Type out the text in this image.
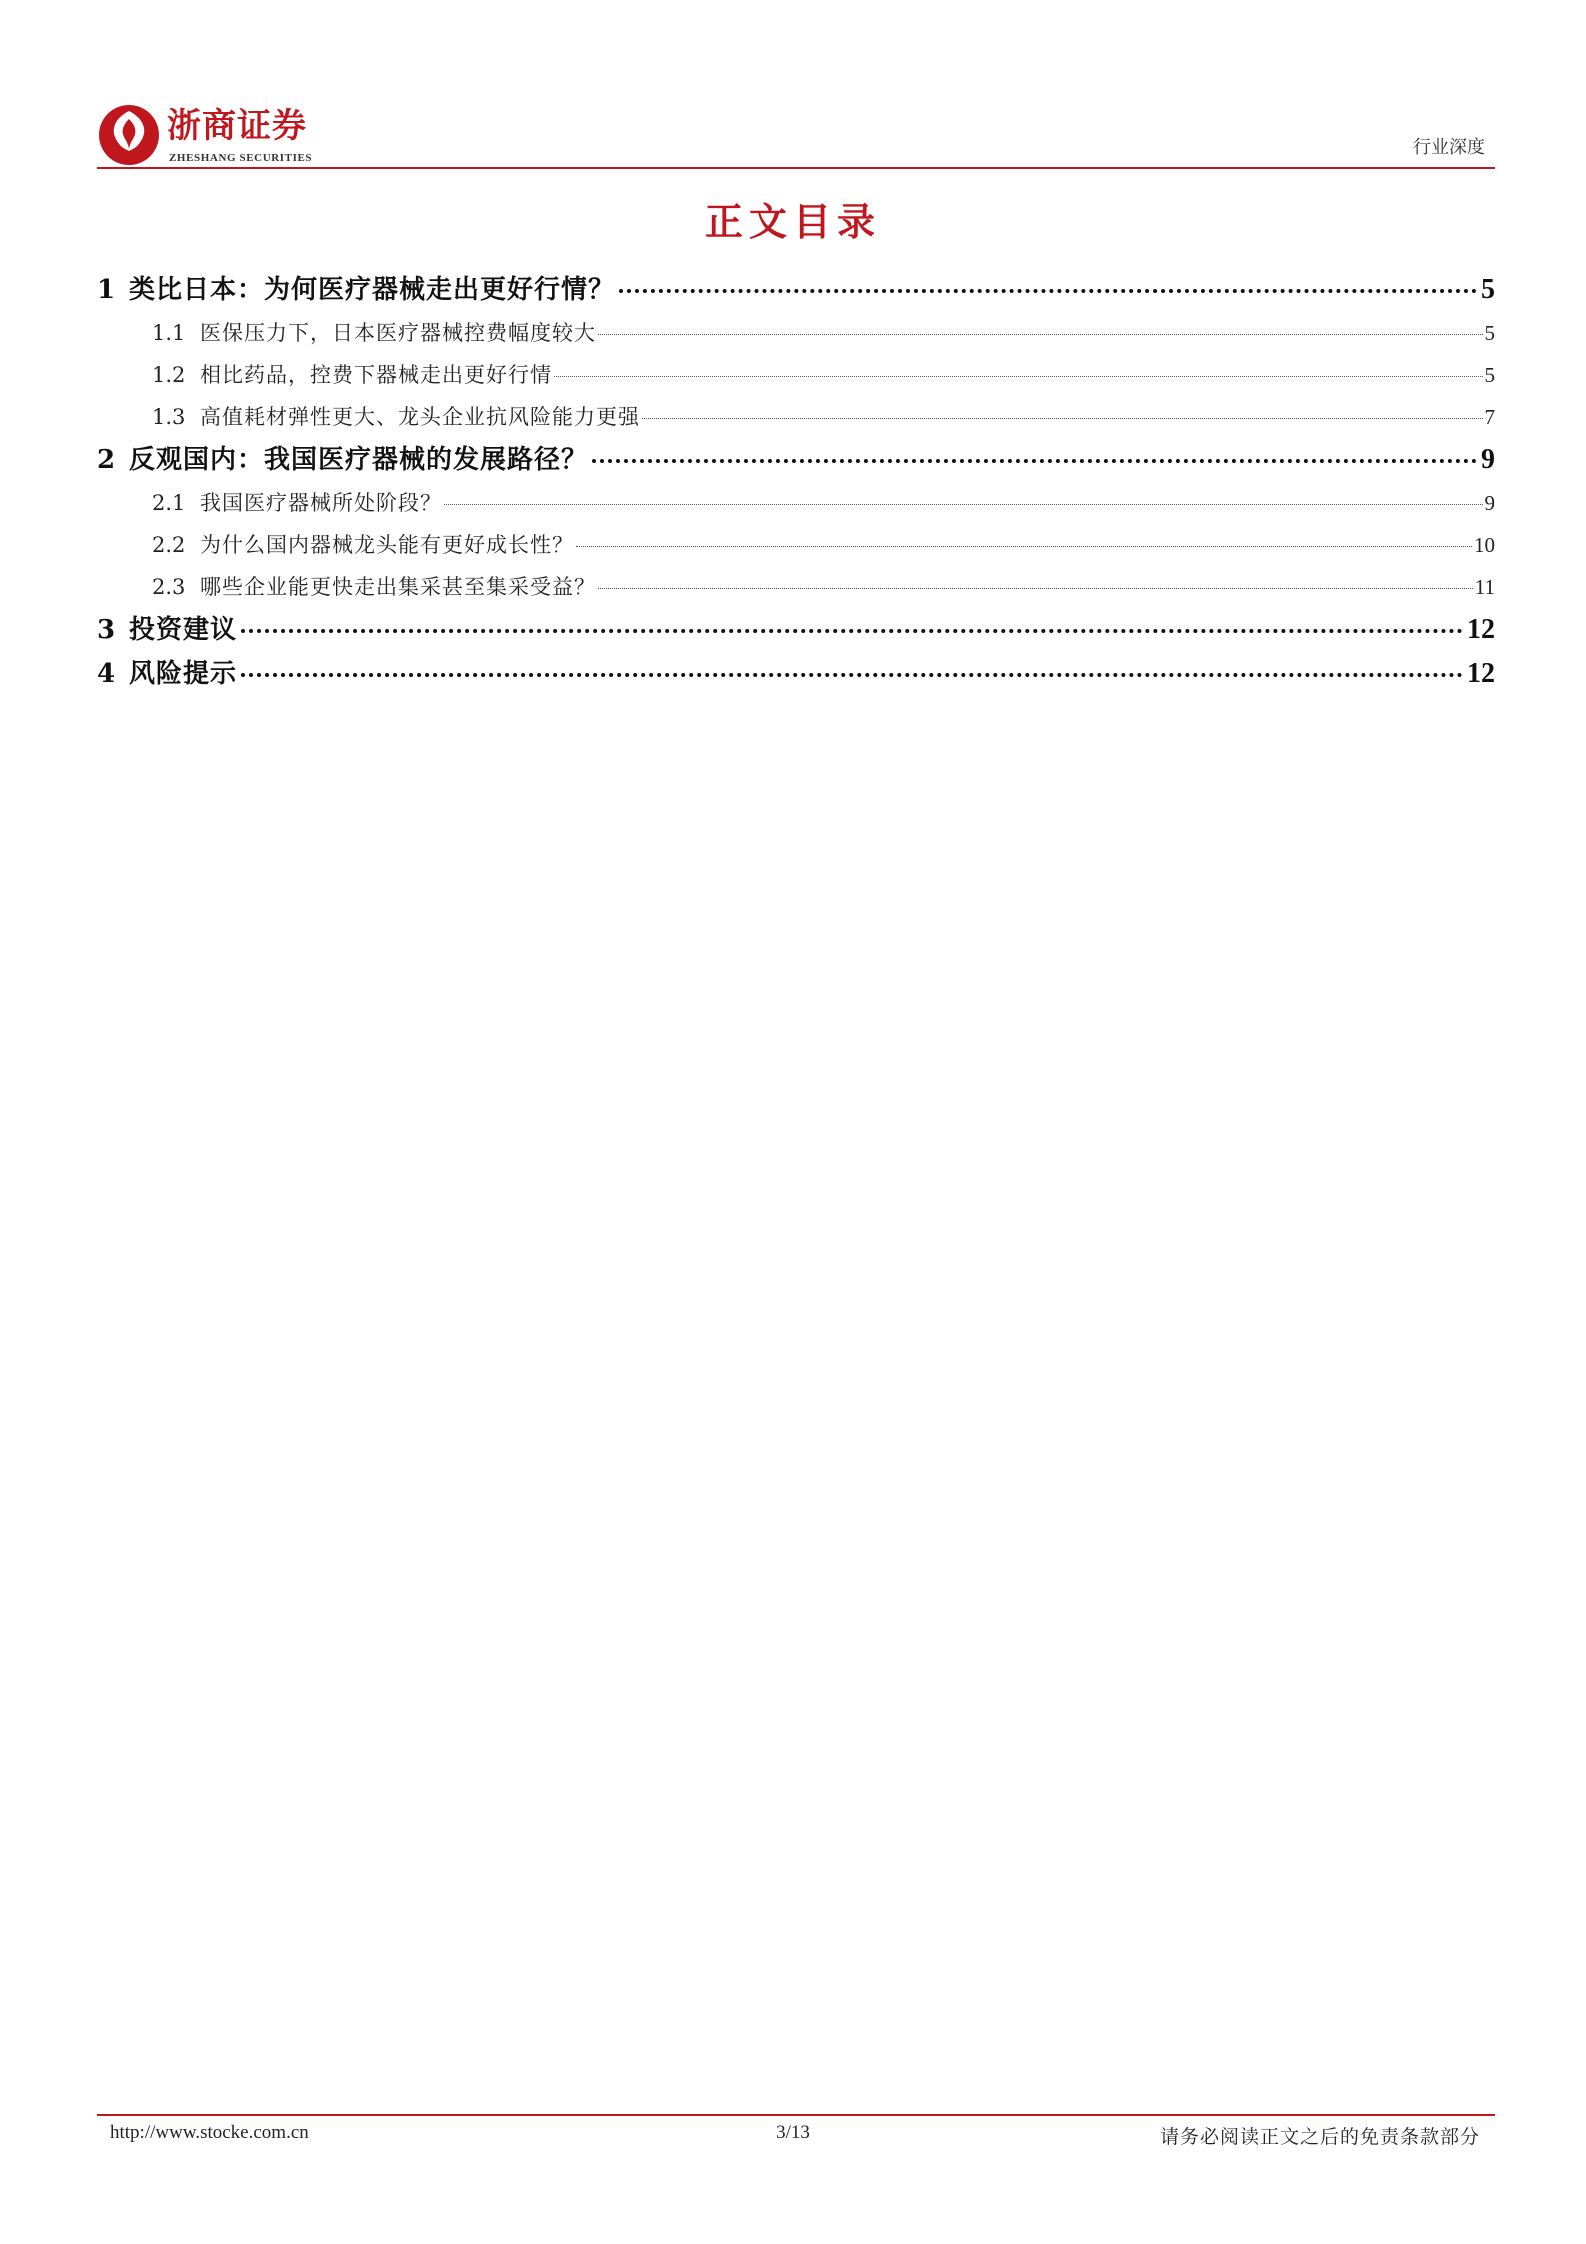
浙商证券
ZHESHANG SECURITIES	行业深度
正文目录
1 类比日本：为何医疗器械走出更好行情？	5
1.1 医保压力下，日本医疗器械控费幅度较大	5
1.2 相比药品，控费下器械走出更好行情	5
1.3 高值耗材弹性更大、龙头企业抗风险能力更强	7
2 反观国内：我国医疗器械的发展路径？	9
2.1 我国医疗器械所处阶段？	9
2.2 为什么国内器械龙头能有更好成长性？	10
2.3 哪些企业能更快走出集采甚至集采受益？	11
3 投资建议	12
4 风险提示	12
http://www.stocke.com.cn	3/13	请务必阅读正文之后的免责条款部分
